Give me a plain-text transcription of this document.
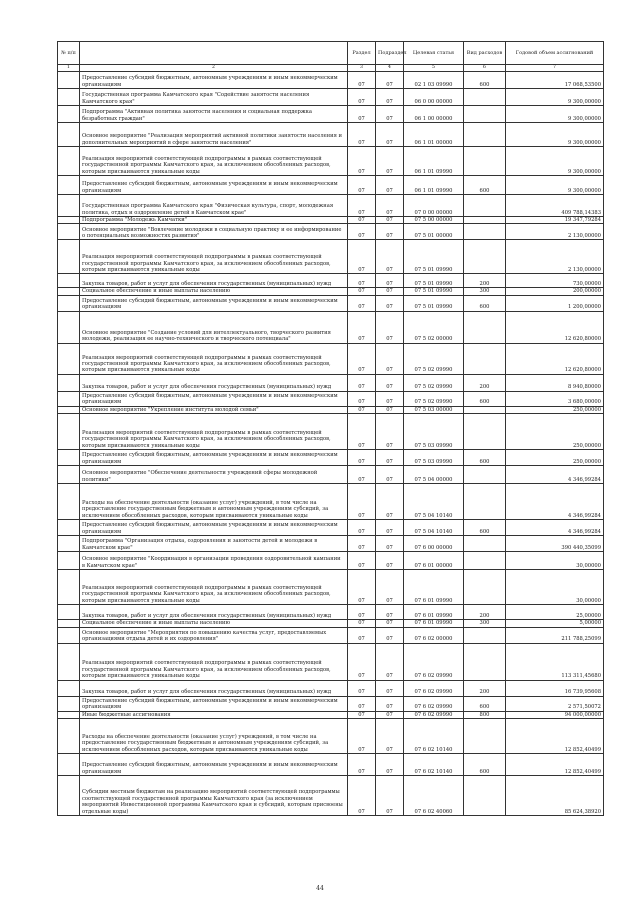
№ п/п		Раздел	Подраздел	Целевая статья	Вид расходов	Годовой объем ассигнований
1	2	3	4	5	6	7
	Предоставление субсидий бюджетным, автономным учреждениям и иным некоммерческим организациям	07	07	02 1 03 09990	600	17 068,53500
	Государственная программа Камчатского края "Содействие занятости населения Камчатского края"	07	07	06 0 00 00000		9 300,00000
	Подпрограмма "Активная политика занятости населения и социальная поддержка безработных граждан"	07	07	06 1 00 00000		9 300,00000
	Основное мероприятие "Реализация мероприятий активной политики занятости населения и дополнительных мероприятий в сфере занятости населения"	07	07	06 1 01 00000		9 300,00000
	Реализация мероприятий соответствующей подпрограммы в рамках соответствующей государственной программы Камчатского края, за исключением обособленных расходов, которым присваиваются уникальные коды	07	07	06 1 01 09990		9 300,00000
	Предоставление субсидий бюджетным, автономным учреждениям и иным некоммерческим организациям	07	07	06 1 01 09990	600	9 300,00000
	Государственная программа Камчатского края "Физическая культура, спорт, молодежная политика, отдых и оздоровление детей в Камчатском крае"	07	07	07 0 00 00000		409 788,14383
	Подпрограмма "Молодежь Камчатки"	07	07	07 5 00 00000		19 347,79284
	Основное мероприятие "Вовлечение молодежи в социальную практику и ее информирование о потенциальных возможностях развития"	07	07	07 5 01 00000		2 130,00000
	Реализация мероприятий соответствующей подпрограммы в рамках соответствующей государственной программы Камчатского края, за исключением обособленных расходов, которым присваиваются уникальные коды	07	07	07 5 01 09990		2 130,00000
	Закупка товаров, работ и услуг для обеспечения государственных (муниципальных) нужд	07	07	07 5 01 09990	200	730,00000
	Социальное обеспечение и иные выплаты населению	07	07	07 5 01 09990	300	200,00000
	Предоставление субсидий бюджетным, автономным учреждениям и иным некоммерческим организациям	07	07	07 5 01 09990	600	1 200,00000
	Основное мероприятие "Создание условий для интеллектуального, творческого развития молодежи, реализация ее научно-технического и творческого потенциала"	07	07	07 5 02 00000		12 620,80000
	Реализация мероприятий соответствующей подпрограммы в рамках соответствующей государственной программы Камчатского края, за исключением обособленных расходов, которым присваиваются уникальные коды	07	07	07 5 02 09990		12 620,80000
	Закупка товаров, работ и услуг для обеспечения государственных (муниципальных) нужд	07	07	07 5 02 09990	200	8 940,80000
	Предоставление субсидий бюджетным, автономным учреждениям и иным некоммерческим организациям	07	07	07 5 02 09990	600	3 680,00000
	Основное мероприятие "Укрепление института молодой семьи"	07	07	07 5 03 00000		250,00000
	Реализация мероприятий соответствующей подпрограммы в рамках соответствующей государственной программы Камчатского края, за исключением обособленных расходов, которым присваиваются уникальные коды	07	07	07 5 03 09990		250,00000
	Предоставление субсидий бюджетным, автономным учреждениям и иным некоммерческим организациям	07	07	07 5 03 09990	600	250,00000
	Основное мероприятие "Обеспечение деятельности учреждений сферы молодежной политики"	07	07	07 5 04 00000		4 346,99284
	Расходы на обеспечение деятельности (оказание услуг) учреждений, в том числе на предоставление государственным бюджетным и автономным учреждениям субсидий, за исключением обособленных расходов, которым присваиваются уникальные коды	07	07	07 5 04 10140		4 346,99284
	Предоставление субсидий бюджетным, автономным учреждениям и иным некоммерческим организациям	07	07	07 5 04 10140	600	4 346,99284
	Подпрограмма "Организация отдыха, оздоровления и занятости детей и молодежи в Камчатском крае"	07	07	07 6 00 00000		390 440,35099
	Основное мероприятие "Координация в организации проведения оздоровительной кампании в Камчатском крае"	07	07	07 6 01 00000		30,00000
	Реализация мероприятий соответствующей подпрограммы в рамках соответствующей государственной программы Камчатского края, за исключением обособленных расходов, которым присваиваются уникальные коды	07	07	07 6 01 09990		30,00000
	Закупка товаров, работ и услуг для обеспечения государственных (муниципальных) нужд	07	07	07 6 01 09990	200	25,00000
	Социальное обеспечение и иные выплаты населению	07	07	07 6 01 09990	300	5,00000
	Основное мероприятие "Мероприятия по повышению качества услуг, предоставляемых организациями отдыха детей и их оздоровления"	07	07	07 6 02 00000		211 788,25099
	Реализация мероприятий соответствующей подпрограммы в рамках соответствующей государственной программы Камчатского края, за исключением обособленных расходов, которым присваиваются уникальные коды	07	07	07 6 02 09990		113 311,45680
	Закупка товаров, работ и услуг для обеспечения государственных (муниципальных) нужд	07	07	07 6 02 09990	200	16 739,95608
	Предоставление субсидий бюджетным, автономным учреждениям и иным некоммерческим организациям	07	07	07 6 02 09990	600	2 571,50072
	Иные бюджетные ассигнования	07	07	07 6 02 09990	800	94 000,00000
	Расходы на обеспечение деятельности (оказание услуг) учреждений, в том числе на предоставление государственным бюджетным и автономным учреждениям субсидий, за исключением обособленных расходов, которым присваиваются уникальные коды	07	07	07 6 02 10140		12 852,40499
	Предоставление субсидий бюджетным, автономным учреждениям и иным некоммерческим организациям	07	07	07 6 02 10140	600	12 852,40499
	Субсидии местным бюджетам на реализацию мероприятий соответствующей подпрограммы соответствующей государственной программы Камчатского края (за исключением мероприятий Инвестиционной программы Камчатского края и субсидий, которым присвоены отдельные коды)	07	07	07 6 02 40060		85 624,38920
44
